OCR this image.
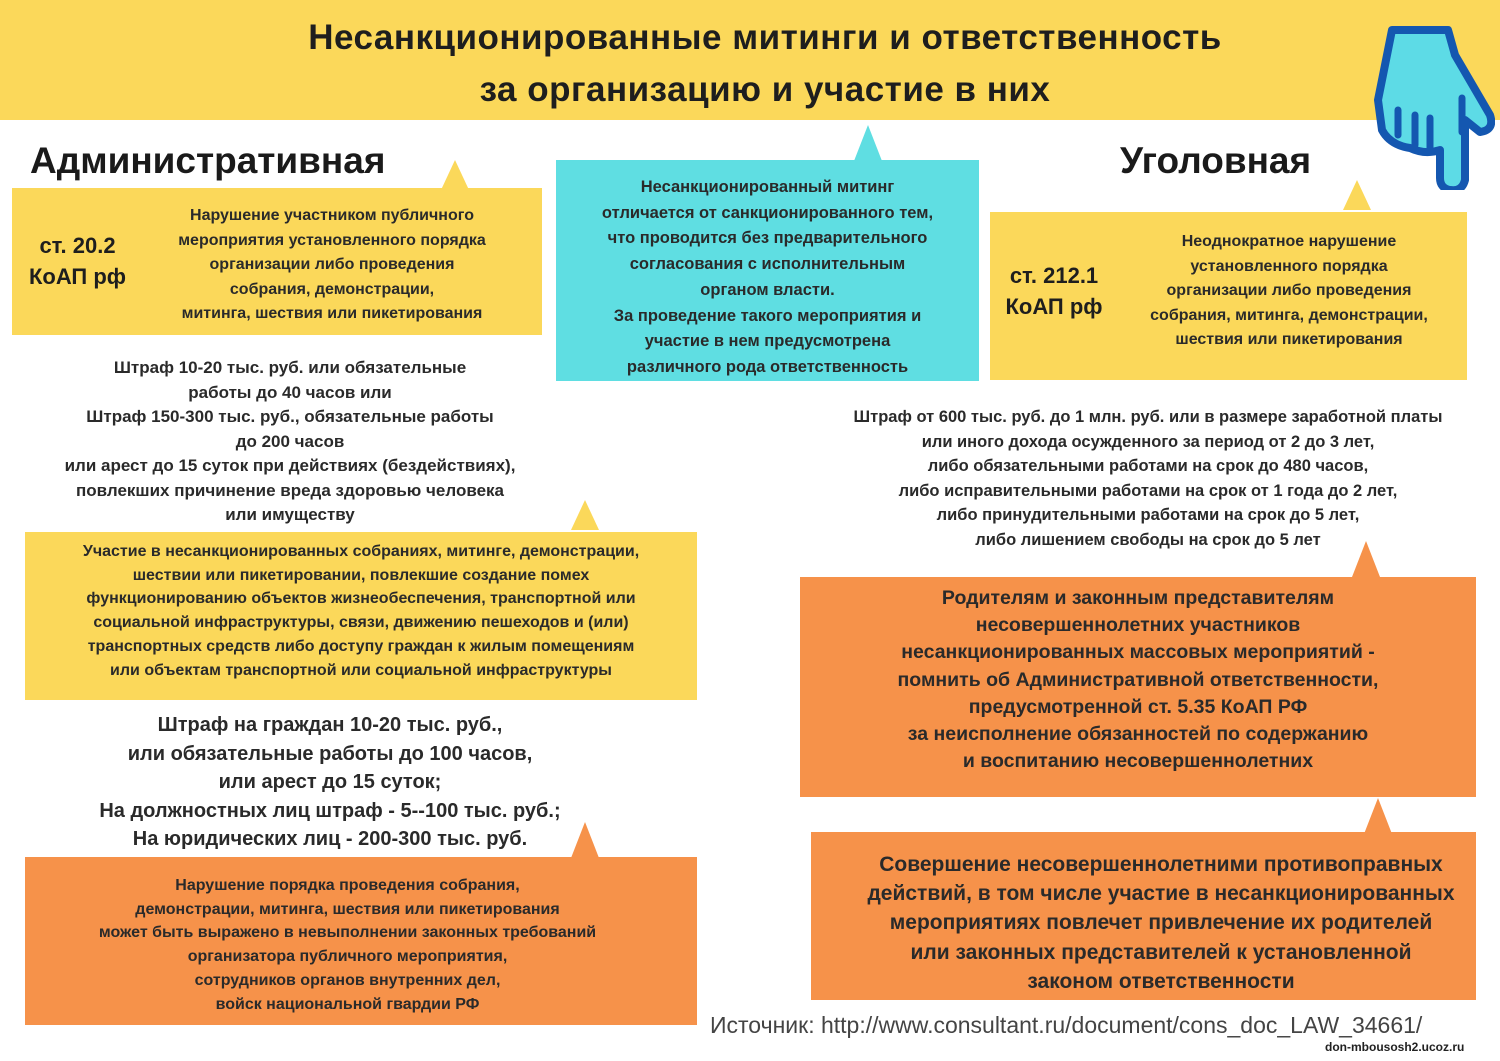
Несанкционированные митинги и ответственность
за организацию и участие в них
Административная
ст. 20.2
КоАП рф
Нарушение участником публичного
мероприятия установленного порядка
организации либо проведения
собрания, демонстрации,
митинга, шествия или пикетирования
Штраф 10-20 тыс. руб. или обязательные
работы до 40 часов или
Штраф 150-300 тыс. руб., обязательные работы
до 200 часов
или арест до 15 суток при действиях (бездействиях),
повлекших причинение вреда здоровью человека
или имуществу
Участие в несанкционированных собраниях, митинге, демонстрации,
шествии или пикетировании, повлекшие создание помех
функционированию объектов жизнеобеспечения, транспортной или
социальной инфраструктуры, связи, движению пешеходов и (или)
транспортных средств либо доступу граждан к жилым помещениям
или объектам транспортной или социальной инфраструктуры
Штраф на граждан 10-20 тыс. руб.,
или обязательные работы до 100 часов,
или арест до 15 суток;
На должностных лиц штраф - 5--100 тыс. руб.;
На юридических лиц - 200-300 тыс. руб.
Нарушение порядка проведения собрания,
демонстрации, митинга, шествия или пикетирования
может быть выражено в невыполнении законных требований
организатора публичного мероприятия,
сотрудников органов внутренних дел,
войск национальной гвардии РФ
Несанкционированный митинг
отличается от санкционированного тем,
что проводится без предварительного
согласования с исполнительным
органом власти.
За проведение такого мероприятия и
участие в нем предусмотрена
различного рода ответственность
Уголовная
ст. 212.1
КоАП рф
Неоднократное нарушение
установленного порядка
организации либо проведения
собрания, митинга, демонстрации,
шествия или пикетирования
Штраф от 600 тыс. руб. до 1 млн. руб. или в размере заработной платы
или иного дохода осужденного за период от 2 до 3 лет,
либо обязательными работами на срок до 480 часов,
либо исправительными работами на срок от 1 года до 2 лет,
либо принудительными работами на срок до 5 лет,
либо лишением свободы на срок до 5 лет
Родителям и законным представителям
несовершеннолетних участников
несанкционированных массовых мероприятий -
помнить об Административной ответственности,
предусмотренной ст. 5.35 КоАП РФ
за неисполнение обязанностей по содержанию
и воспитанию несовершеннолетних
Совершение несовершеннолетними противоправных
действий, в том числе участие в несанкционированных
мероприятиях повлечет привлечение их родителей
или законных представителей к установленной
законом ответственности
Источник: http://www.consultant.ru/document/cons_doc_LAW_34661/
don-mbousosh2.ucoz.ru
